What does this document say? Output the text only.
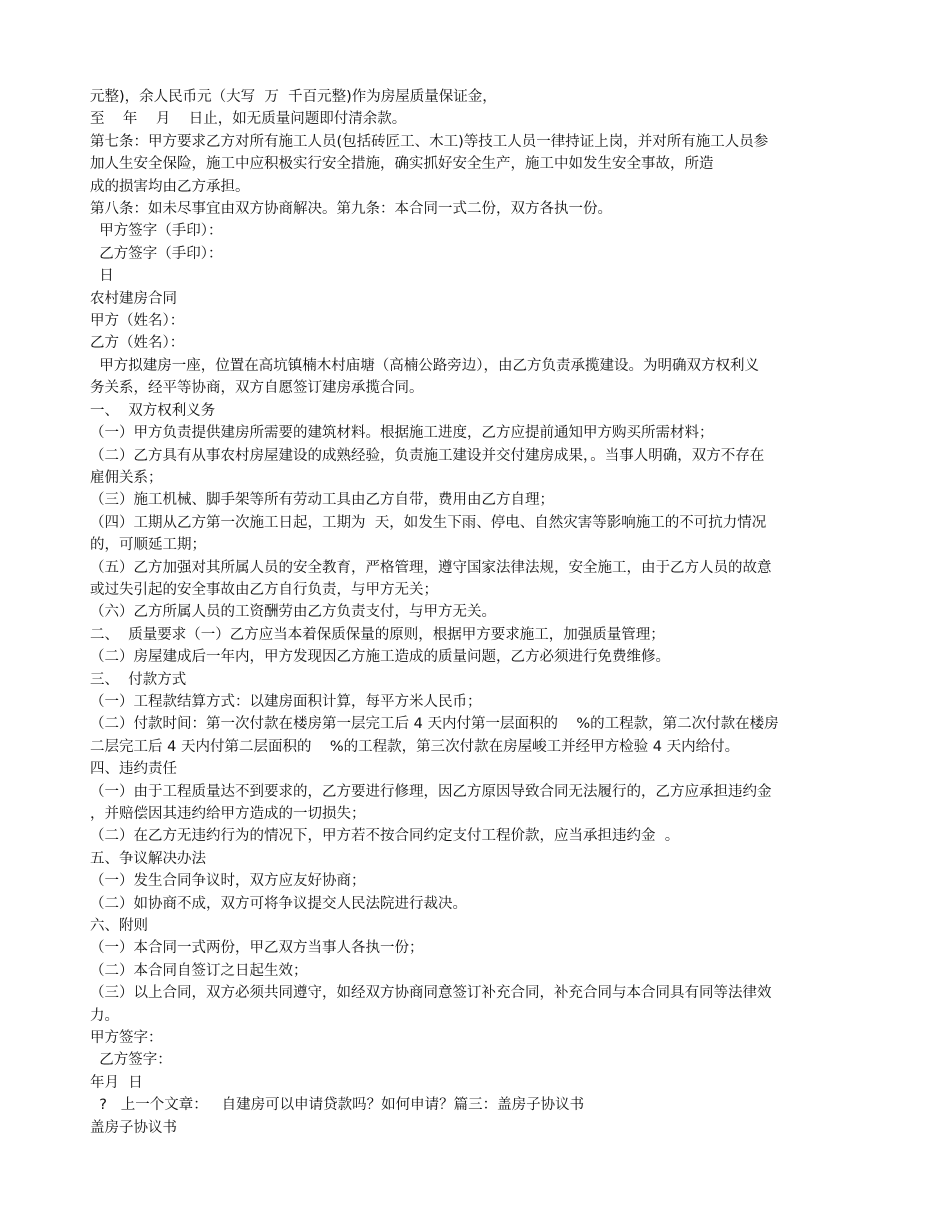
元整)，余人民币元（大写  万  千百元整)作为房屋质量保证金，
至    年    月    日止，如无质量问题即付清余款。
第七条：甲方要求乙方对所有施工人员(包括砖匠工、木工)等技工人员一律持证上岗，并对所有施工人员参
加人生安全保险，施工中应积极实行安全措施，确实抓好安全生产，施工中如发生安全事故，所造
成的损害均由乙方承担。
第八条：如未尽事宜由双方协商解决。第九条：本合同一式二份，双方各执一份。
甲方签字（手印）：
乙方签字（手印）：
日
农村建房合同
甲方（姓名）：
乙方（姓名）：
甲方拟建房一座，位置在高坑镇楠木村庙塘（高楠公路旁边），由乙方负责承揽建设。为明确双方权利义
务关系，经平等协商，双方自愿签订建房承揽合同。
一、  双方权利义务
（一）甲方负责提供建房所需要的建筑材料。根据施工进度，乙方应提前通知甲方购买所需材料；
（二）乙方具有从事农村房屋建设的成熟经验，负责施工建设并交付建房成果，。当事人明确，双方不存在
雇佣关系；
（三）施工机械、脚手架等所有劳动工具由乙方自带，费用由乙方自理；
（四）工期从乙方第一次施工日起，工期为  天，如发生下雨、停电、自然灾害等影响施工的不可抗力情况
的，可顺延工期；
（五）乙方加强对其所属人员的安全教育，严格管理，遵守国家法律法规，安全施工，由于乙方人员的故意
或过失引起的安全事故由乙方自行负责，与甲方无关；
（六）乙方所属人员的工资酬劳由乙方负责支付，与甲方无关。
二、  质量要求（一）乙方应当本着保质保量的原则，根据甲方要求施工，加强质量管理；
（二）房屋建成后一年内，甲方发现因乙方施工造成的质量问题，乙方必须进行免费维修。
三、  付款方式
（一）工程款结算方式：以建房面积计算，每平方米人民币；
（二）付款时间：第一次付款在楼房第一层完工后 4 天内付第一层面积的    %的工程款，第二次付款在楼房
二层完工后 4 天内付第二层面积的    %的工程款，第三次付款在房屋峻工并经甲方检验 4 天内给付。
四、违约责任
（一）由于工程质量达不到要求的，乙方要进行修理，因乙方原因导致合同无法履行的，乙方应承担违约金
，并赔偿因其违约给甲方造成的一切损失；
（二）在乙方无违约行为的情况下，甲方若不按合同约定支付工程价款，应当承担违约金  。
五、争议解决办法
（一）发生合同争议时，双方应友好协商；
（二）如协商不成，双方可将争议提交人民法院进行裁决。
六、附则
（一）本合同一式两份，甲乙双方当事人各执一份；
（二）本合同自签订之日起生效；
（三）以上合同，双方必须共同遵守，如经双方协商同意签订补充合同，补充合同与本合同具有同等法律效
力。
甲方签字：
乙方签字：
年月  日
?   上一个文章：   自建房可以申请贷款吗？如何申请？篇三：盖房子协议书
盖房子协议书
